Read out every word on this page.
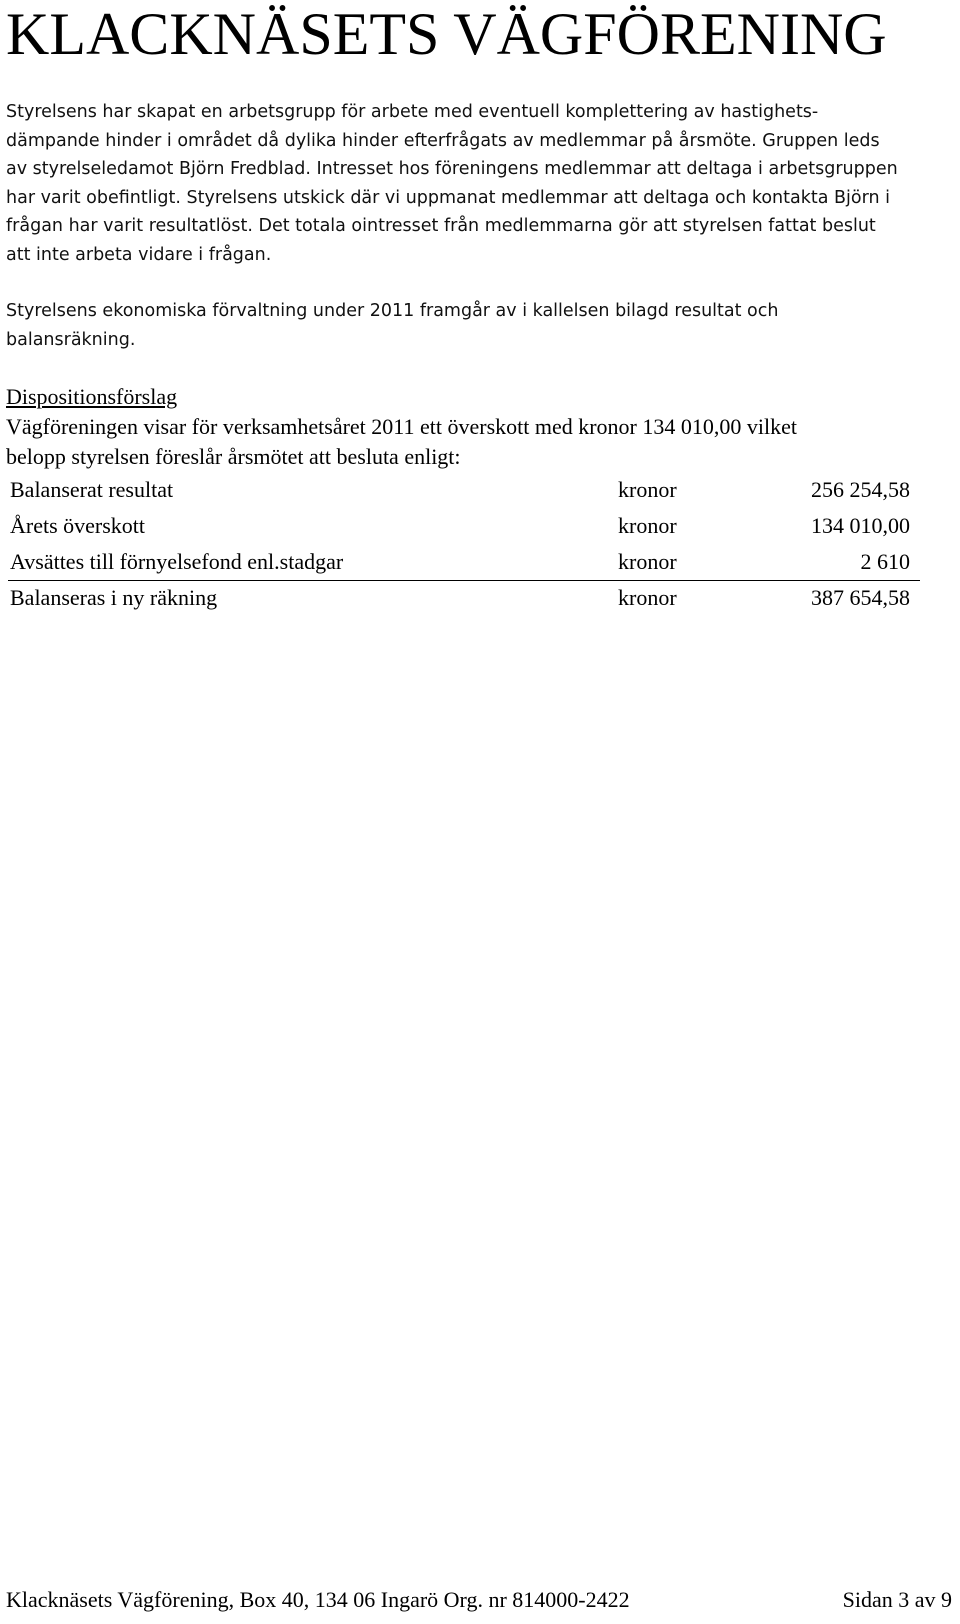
KLACKNÄSETS VÄGFÖRENING
Styrelsens har skapat en arbetsgrupp för arbete med eventuell komplettering av hastighets-
dämpande hinder i området då dylika hinder efterfrågats av medlemmar på årsmöte. Gruppen leds
av styrelseledamot Björn Fredblad. Intresset hos föreningens medlemmar att deltaga i arbetsgruppen
har varit obefintligt. Styrelsens utskick där vi uppmanat medlemmar att deltaga och kontakta Björn i
frågan har varit resultatlöst. Det totala ointresset från medlemmarna gör att styrelsen fattat beslut
att inte arbeta vidare i frågan.
Styrelsens ekonomiska förvaltning under 2011 framgår av i kallelsen bilagd resultat och
balansräkning.
Dispositionsförslag
Vägföreningen visar för verksamhetsåret 2011 ett överskott med kronor 134 010,00 vilket
belopp styrelsen föreslår årsmötet att besluta enligt:
Balanserat resultat	kronor	256 254,58
Årets överskott	kronor	134 010,00
Avsättes till förnyelsefond enl.stadgar	kronor	2 610
Balanseras i ny räkning	kronor	387 654,58
Klacknäsets Vägförening, Box 40, 134 06 Ingarö Org. nr 814000-2422	Sidan 3 av 9
